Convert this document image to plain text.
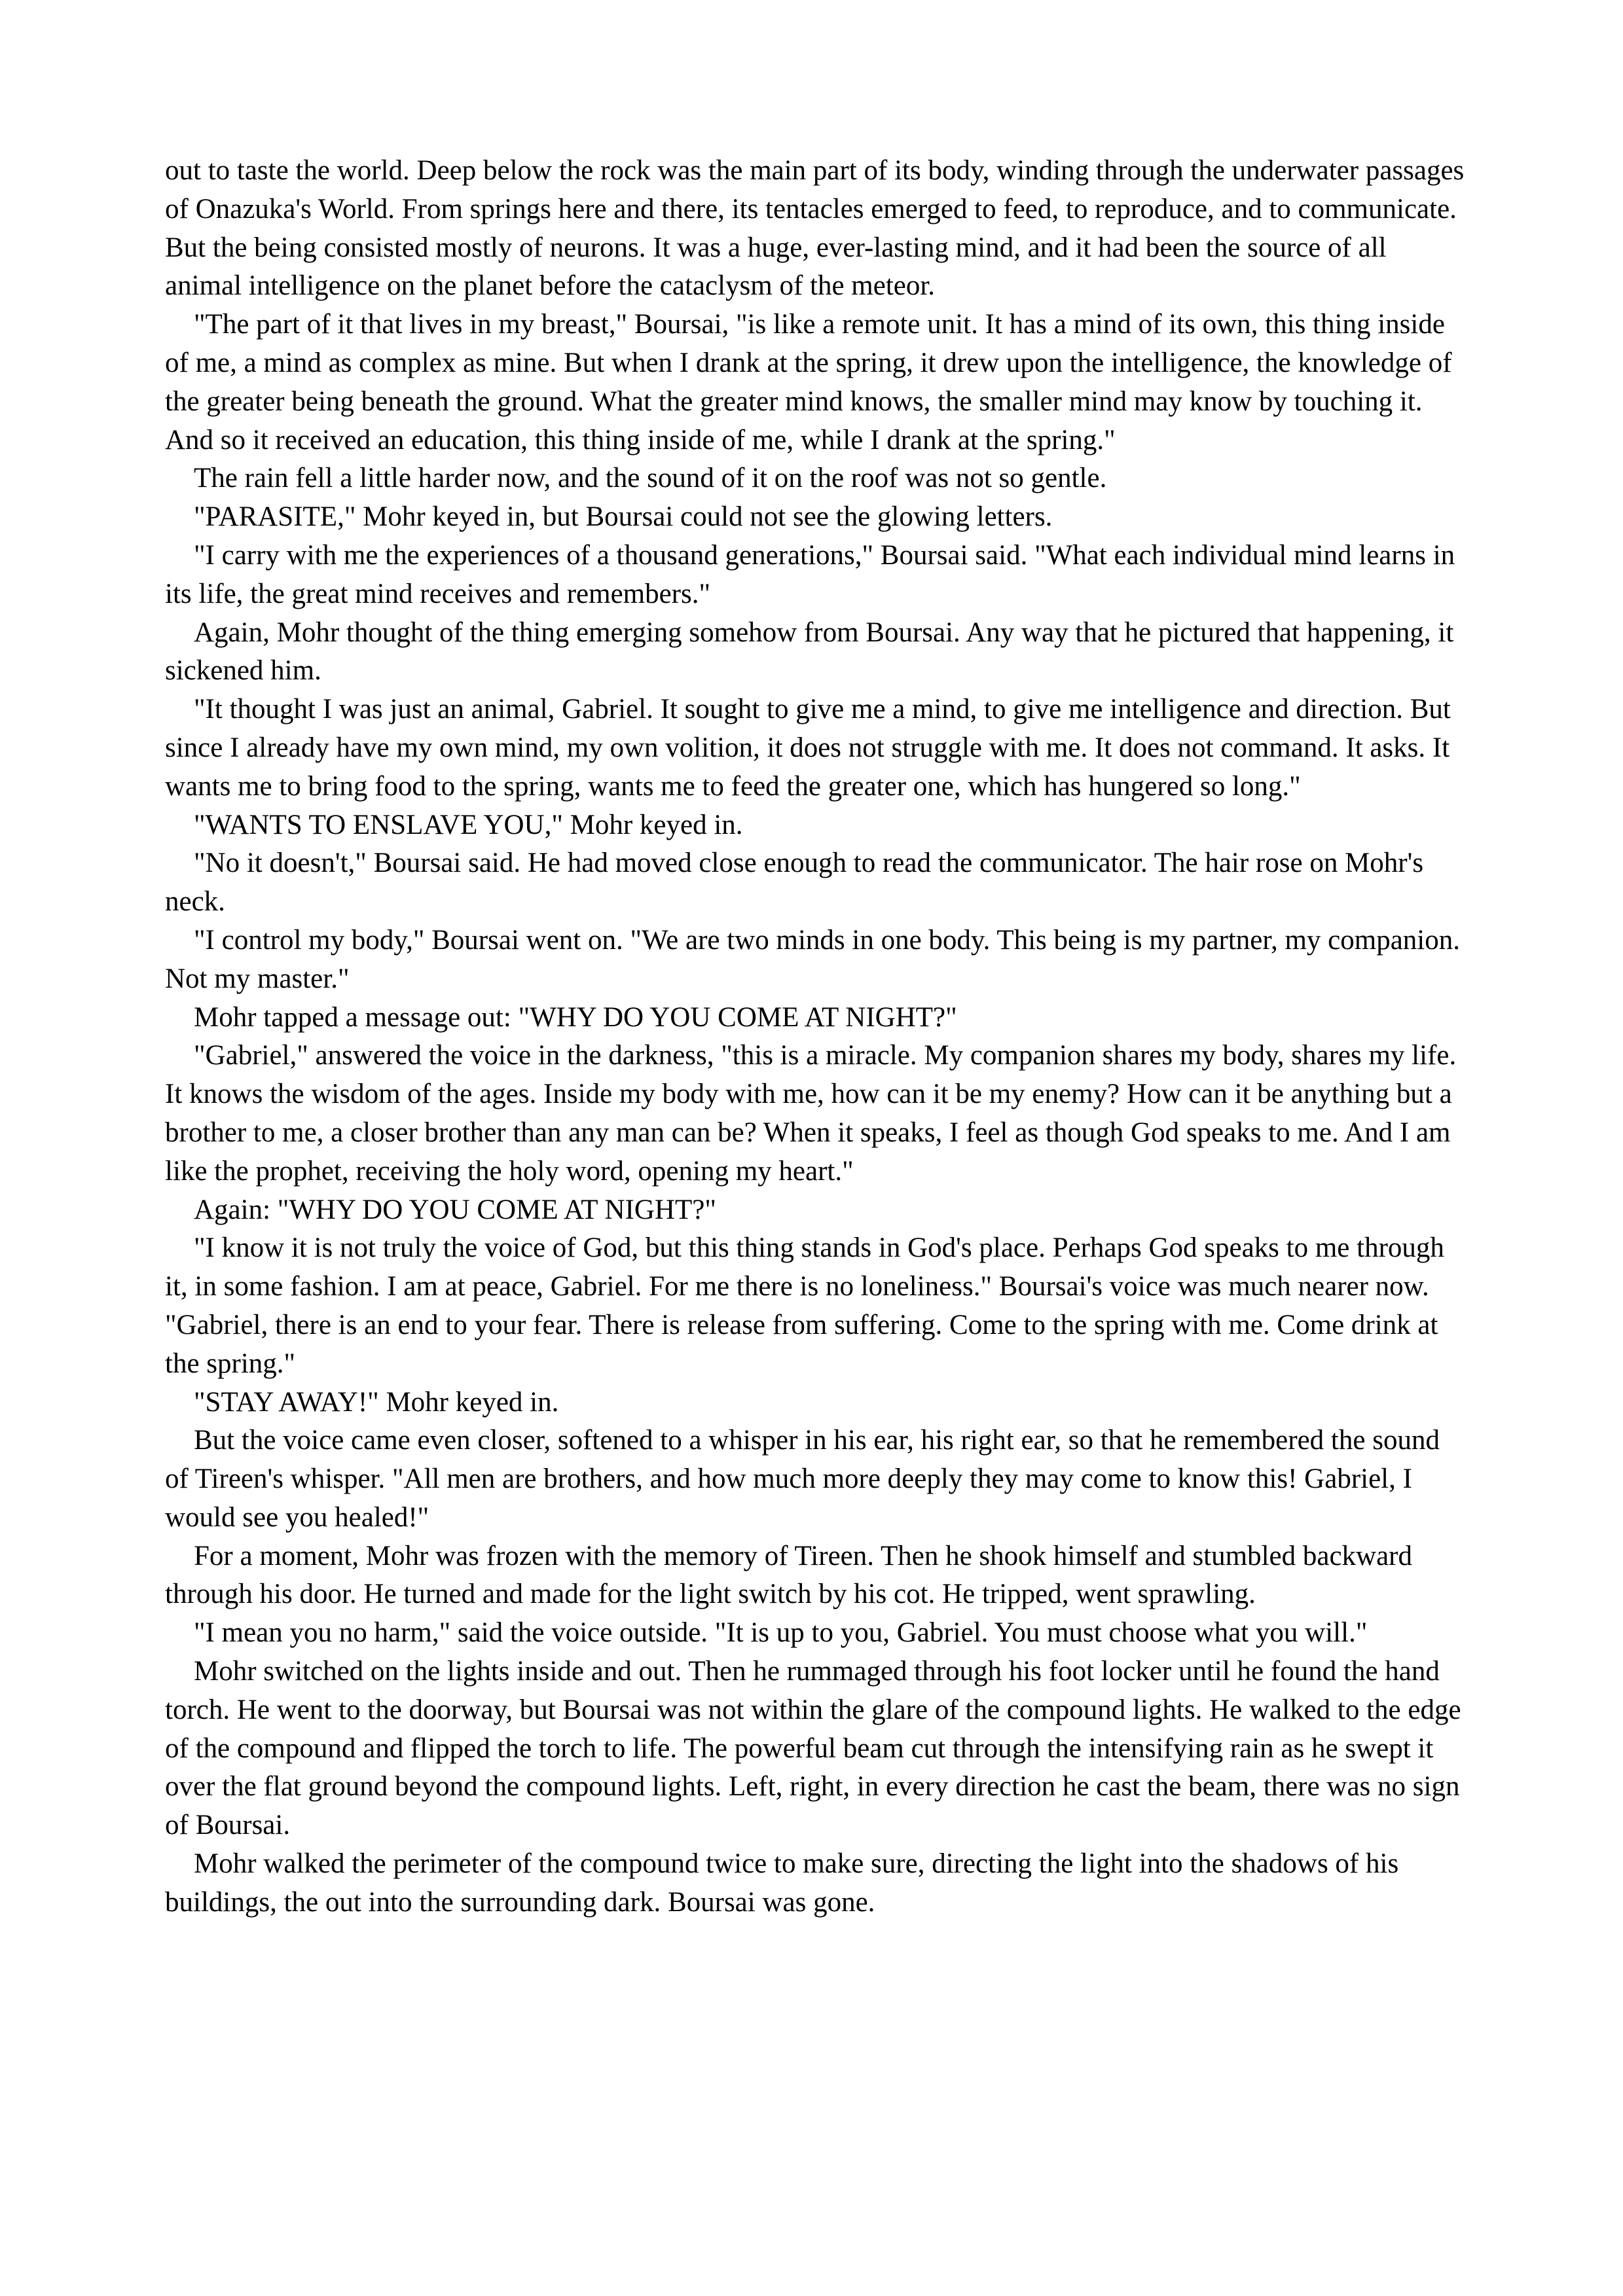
out to taste the world. Deep below the rock was the main part of its body, winding through the underwater passages of Onazuka's World. From springs here and there, its tentacles emerged to feed, to reproduce, and to communicate. But the being consisted mostly of neurons. It was a huge, ever-lasting mind, and it had been the source of all animal intelligence on the planet before the cataclysm of the meteor.

"The part of it that lives in my breast," Boursai, "is like a remote unit. It has a mind of its own, this thing inside of me, a mind as complex as mine. But when I drank at the spring, it drew upon the intelligence, the knowledge of the greater being beneath the ground. What the greater mind knows, the smaller mind may know by touching it. And so it received an education, this thing inside of me, while I drank at the spring."

The rain fell a little harder now, and the sound of it on the roof was not so gentle.

"PARASITE," Mohr keyed in, but Boursai could not see the glowing letters.

"I carry with me the experiences of a thousand generations," Boursai said. "What each individual mind learns in its life, the great mind receives and remembers."

Again, Mohr thought of the thing emerging somehow from Boursai. Any way that he pictured that happening, it sickened him.

"It thought I was just an animal, Gabriel. It sought to give me a mind, to give me intelligence and direction. But since I already have my own mind, my own volition, it does not struggle with me. It does not command. It asks. It wants me to bring food to the spring, wants me to feed the greater one, which has hungered so long."

"WANTS TO ENSLAVE YOU," Mohr keyed in.

"No it doesn't," Boursai said. He had moved close enough to read the communicator. The hair rose on Mohr's neck.

"I control my body," Boursai went on. "We are two minds in one body. This being is my partner, my companion. Not my master."

Mohr tapped a message out: "WHY DO YOU COME AT NIGHT?"

"Gabriel," answered the voice in the darkness, "this is a miracle. My companion shares my body, shares my life. It knows the wisdom of the ages. Inside my body with me, how can it be my enemy? How can it be anything but a brother to me, a closer brother than any man can be? When it speaks, I feel as though God speaks to me. And I am like the prophet, receiving the holy word, opening my heart."

Again: "WHY DO YOU COME AT NIGHT?"

"I know it is not truly the voice of God, but this thing stands in God's place. Perhaps God speaks to me through it, in some fashion. I am at peace, Gabriel. For me there is no loneliness." Boursai's voice was much nearer now. "Gabriel, there is an end to your fear. There is release from suffering. Come to the spring with me. Come drink at the spring."

"STAY AWAY!" Mohr keyed in.

But the voice came even closer, softened to a whisper in his ear, his right ear, so that he remembered the sound of Tireen's whisper. "All men are brothers, and how much more deeply they may come to know this! Gabriel, I would see you healed!"

For a moment, Mohr was frozen with the memory of Tireen. Then he shook himself and stumbled backward through his door. He turned and made for the light switch by his cot. He tripped, went sprawling.

"I mean you no harm," said the voice outside. "It is up to you, Gabriel. You must choose what you will."

Mohr switched on the lights inside and out. Then he rummaged through his foot locker until he found the hand torch. He went to the doorway, but Boursai was not within the glare of the compound lights. He walked to the edge of the compound and flipped the torch to life. The powerful beam cut through the intensifying rain as he swept it over the flat ground beyond the compound lights. Left, right, in every direction he cast the beam, there was no sign of Boursai.

Mohr walked the perimeter of the compound twice to make sure, directing the light into the shadows of his buildings, the out into the surrounding dark. Boursai was gone.
